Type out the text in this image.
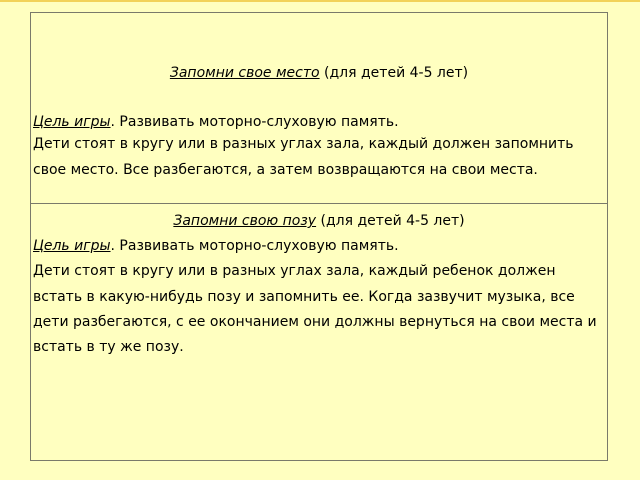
Запомни свое место (для детей 4-5 лет)
Цель игры. Развивать моторно-слуховую память.
Дети стоят в кругу или в разных углах зала, каждый должен запомнить
свое место. Все разбегаются, а затем возвращаются на свои места.
Запомни свою позу (для детей 4-5 лет)
Цель игры. Развивать моторно-слуховую память.
Дети стоят в кругу или в разных углах зала, каждый ребенок должен
встать в какую-нибудь позу и запомнить ее. Когда зазвучит музыка, все
дети разбегаются, с ее окончанием они должны вернуться на свои места и
встать в ту же позу.
